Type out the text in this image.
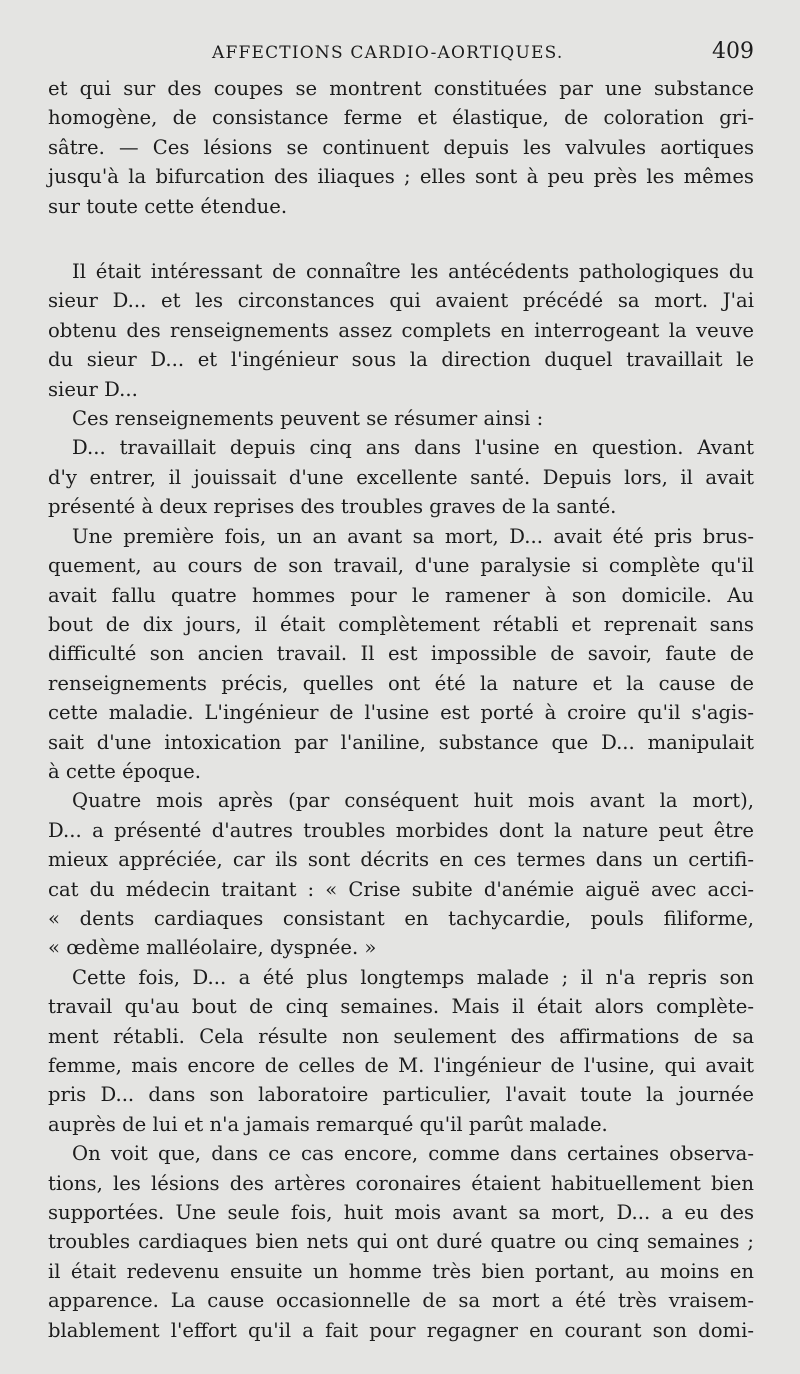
AFFECTIONS CARDIO-AORTIQUES.	409
et qui sur des coupes se montrent constituées par une substance
homogène, de consistance ferme et élastique, de coloration gri-
sâtre. — Ces lésions se continuent depuis les valvules aortiques
jusqu'à la bifurcation des iliaques ; elles sont à peu près les mêmes
sur toute cette étendue.
Il était intéressant de connaître les antécédents pathologiques du
sieur D... et les circonstances qui avaient précédé sa mort. J'ai
obtenu des renseignements assez complets en interrogeant la veuve
du sieur D... et l'ingénieur sous la direction duquel travaillait le
sieur D...
Ces renseignements peuvent se résumer ainsi :
D... travaillait depuis cinq ans dans l'usine en question. Avant
d'y entrer, il jouissait d'une excellente santé. Depuis lors, il avait
présenté à deux reprises des troubles graves de la santé.
Une première fois, un an avant sa mort, D... avait été pris brus-
quement, au cours de son travail, d'une paralysie si complète qu'il
avait fallu quatre hommes pour le ramener à son domicile. Au
bout de dix jours, il était complètement rétabli et reprenait sans
difficulté son ancien travail. Il est impossible de savoir, faute de
renseignements précis, quelles ont été la nature et la cause de
cette maladie. L'ingénieur de l'usine est porté à croire qu'il s'agis-
sait d'une intoxication par l'aniline, substance que D... manipulait
à cette époque.
Quatre mois après (par conséquent huit mois avant la mort),
D... a présenté d'autres troubles morbides dont la nature peut être
mieux appréciée, car ils sont décrits en ces termes dans un certifi-
cat du médecin traitant : « Crise subite d'anémie aiguë avec acci-
« dents cardiaques consistant en tachycardie, pouls filiforme,
« œdème malléolaire, dyspnée. »
Cette fois, D... a été plus longtemps malade ; il n'a repris son
travail qu'au bout de cinq semaines. Mais il était alors complète-
ment rétabli. Cela résulte non seulement des affirmations de sa
femme, mais encore de celles de M. l'ingénieur de l'usine, qui avait
pris D... dans son laboratoire particulier, l'avait toute la journée
auprès de lui et n'a jamais remarqué qu'il parût malade.
On voit que, dans ce cas encore, comme dans certaines observa-
tions, les lésions des artères coronaires étaient habituellement bien
supportées. Une seule fois, huit mois avant sa mort, D... a eu des
troubles cardiaques bien nets qui ont duré quatre ou cinq semaines ;
il était redevenu ensuite un homme très bien portant, au moins en
apparence. La cause occasionnelle de sa mort a été très vraisem-
blablement l'effort qu'il a fait pour regagner en courant son domi-
